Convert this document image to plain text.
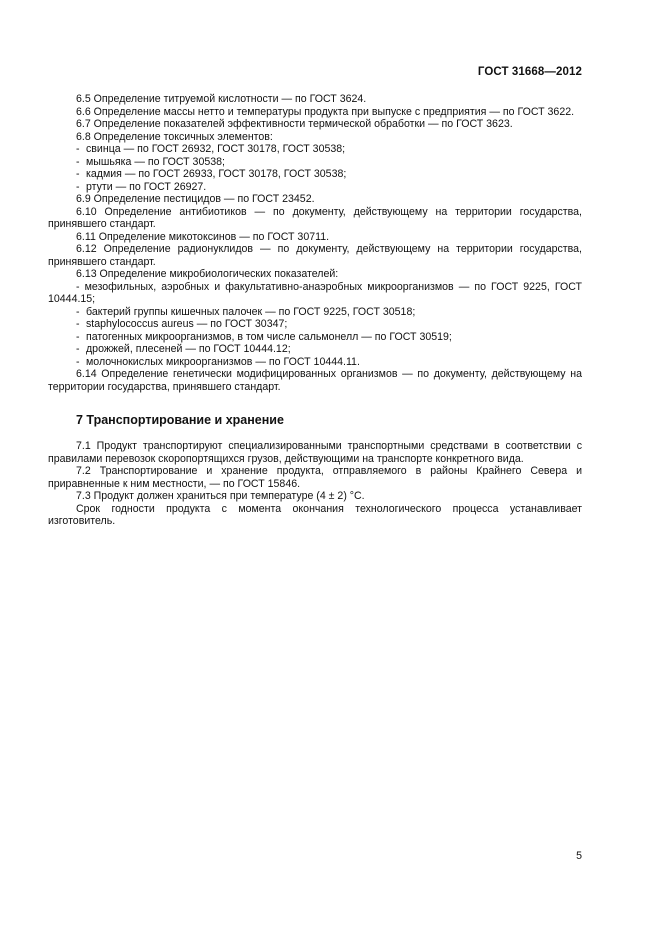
ГОСТ 31668—2012

6.5 Определение титруемой кислотности — по ГОСТ 3624.

6.6 Определение массы нетто и температуры продукта при выпуске с предприятия — по ГОСТ 3622.

6.7 Определение показателей эффективности термической обработки — по ГОСТ 3623.

6.8 Определение токсичных элементов:

- свинца — по ГОСТ 26932, ГОСТ 30178, ГОСТ 30538;

- мышьяка — по ГОСТ 30538;

- кадмия — по ГОСТ 26933, ГОСТ 30178, ГОСТ 30538;

- ртути — по ГОСТ 26927.

6.9 Определение пестицидов — по ГОСТ 23452.

6.10 Определение антибиотиков — по документу, действующему на территории государства, принявшего стандарт.

6.11 Определение микотоксинов — по ГОСТ 30711.

6.12 Определение радионуклидов — по документу, действующему на территории государства, принявшего стандарт.

6.13 Определение микробиологических показателей:

- мезофильных, аэробных и факультативно-анаэробных микроорганизмов — по ГОСТ 9225, ГОСТ 10444.15;

- бактерий группы кишечных палочек — по ГОСТ 9225, ГОСТ 30518;

- staphylococcus aureus — по ГОСТ 30347;

- патогенных микроорганизмов, в том числе сальмонелл — по ГОСТ 30519;

- дрожжей, плесеней — по ГОСТ 10444.12;

- молочнокислых микроорганизмов — по ГОСТ 10444.11.

6.14 Определение генетически модифицированных организмов — по документу, действующему на территории государства, принявшего стандарт.

7 Транспортирование и хранение

7.1 Продукт транспортируют специализированными транспортными средствами в соответствии с правилами перевозок скоропортящихся грузов, действующими на транспорте конкретного вида.

7.2 Транспортирование и хранение продукта, отправляемого в районы Крайнего Севера и приравненные к ним местности, — по ГОСТ 15846.

7.3 Продукт должен храниться при температуре (4 ± 2) °С.

Срок годности продукта с момента окончания технологического процесса устанавливает изготовитель.

5
